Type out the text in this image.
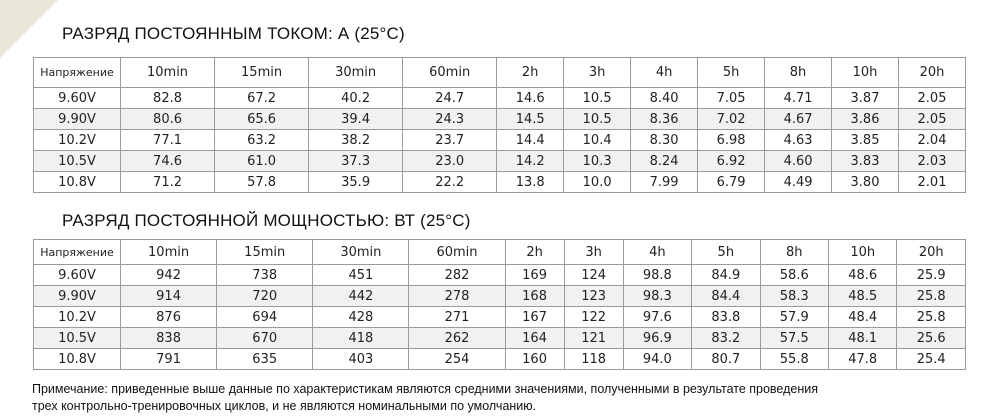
РАЗРЯД ПОСТОЯННЫМ ТОКОМ: А (25°C)
Напряжение	10min	15min	30min	60min	2h	3h	4h	5h	8h	10h	20h
9.60V	82.8	67.2	40.2	24.7	14.6	10.5	8.40	7.05	4.71	3.87	2.05
9.90V	80.6	65.6	39.4	24.3	14.5	10.5	8.36	7.02	4.67	3.86	2.05
10.2V	77.1	63.2	38.2	23.7	14.4	10.4	8.30	6.98	4.63	3.85	2.04
10.5V	74.6	61.0	37.3	23.0	14.2	10.3	8.24	6.92	4.60	3.83	2.03
10.8V	71.2	57.8	35.9	22.2	13.8	10.0	7.99	6.79	4.49	3.80	2.01
РАЗРЯД ПОСТОЯННОЙ МОЩНОСТЬЮ: ВТ (25°C)
Напряжение	10min	15min	30min	60min	2h	3h	4h	5h	8h	10h	20h
9.60V	942	738	451	282	169	124	98.8	84.9	58.6	48.6	25.9
9.90V	914	720	442	278	168	123	98.3	84.4	58.3	48.5	25.8
10.2V	876	694	428	271	167	122	97.6	83.8	57.9	48.4	25.8
10.5V	838	670	418	262	164	121	96.9	83.2	57.5	48.1	25.6
10.8V	791	635	403	254	160	118	94.0	80.7	55.8	47.8	25.4
Примечание: приведенные выше данные по характеристикам являются средними значениями, полученными в результате проведения
трех контрольно-тренировочных циклов, и не являются номинальными по умолчанию.
